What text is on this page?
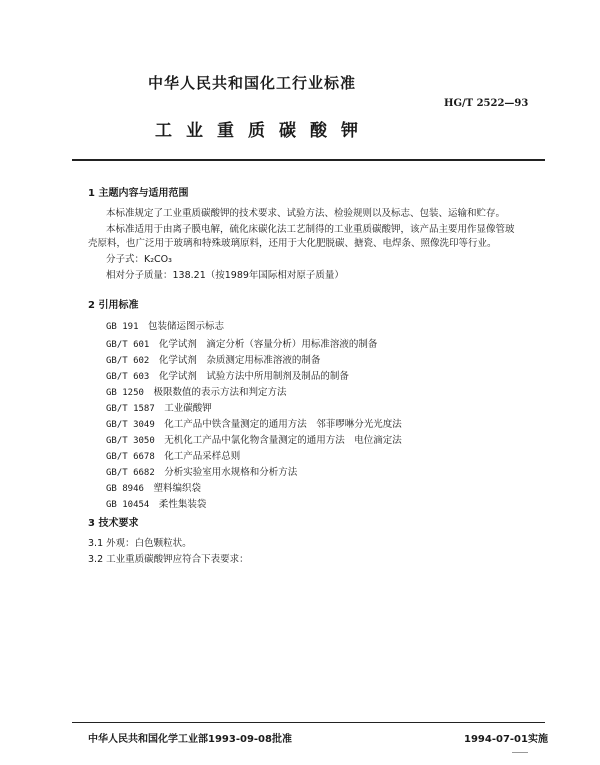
中华人民共和国化工行业标准
HG/T 2522—93
工业重质碳酸钾
1 主题内容与适用范围
本标准规定了工业重质碳酸钾的技术要求、试验方法、检验规则以及标志、包装、运输和贮存。
本标准适用于由离子膜电解，硫化床碳化法工艺制得的工业重质碳酸钾，该产品主要用作显像管玻
壳原料，也广泛用于玻璃和特殊玻璃原料，还用于大化肥脱碳、搪瓷、电焊条、照像洗印等行业。
分子式：K₂CO₃
相对分子质量：138.21（按1989年国际相对原子质量）
2 引用标准
GB 191　 包装储运图示标志
GB/T 601　 化学试剂　滴定分析（容量分析）用标准溶液的制备
GB/T 602　 化学试剂　杂质测定用标准溶液的制备
GB/T 603　 化学试剂　试验方法中所用制剂及制品的制备
GB 1250　 极限数值的表示方法和判定方法
GB/T 1587　 工业碳酸钾
GB/T 3049　 化工产品中铁含量测定的通用方法　邻菲啰啉分光光度法
GB/T 3050　 无机化工产品中氯化物含量测定的通用方法　电位滴定法
GB/T 6678　 化工产品采样总则
GB/T 6682　 分析实验室用水规格和分析方法
GB 8946　 塑料编织袋
GB 10454　 柔性集装袋
3 技术要求
3.1 外观：白色颗粒状。
3.2 工业重质碳酸钾应符合下表要求：
中华人民共和国化学工业部1993-09-08批准	1994-07-01实施
